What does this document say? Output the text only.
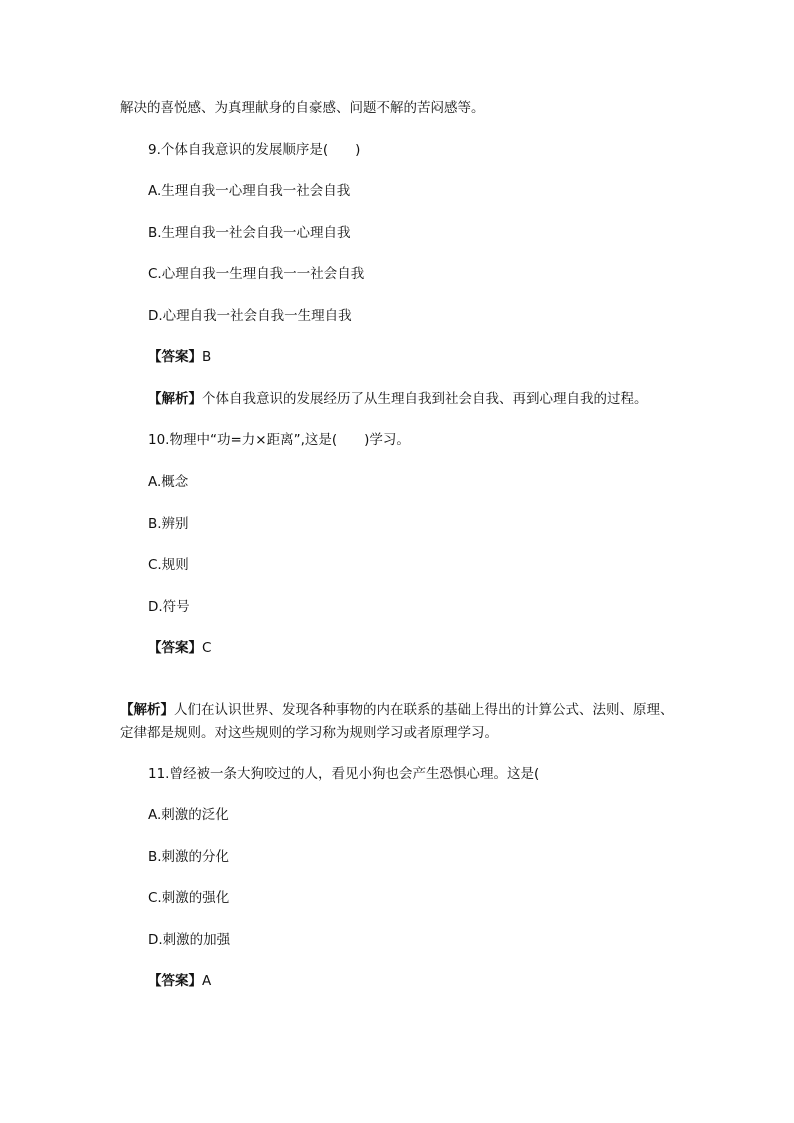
解决的喜悦感、为真理献身的自豪感、问题不解的苦闷感等。
9.个体自我意识的发展顺序是(　　)
A.生理自我一心理自我一社会自我
B.生理自我一社会自我一心理自我
C.心理自我一生理自我一一社会自我
D.心理自我一社会自我一生理自我
【答案】B
【解析】个体自我意识的发展经历了从生理自我到社会自我、再到心理自我的过程。
10.物理中“功=力×距离”,这是(　　)学习。
A.概念
B.辨别
C.规则
D.符号
【答案】C
【解析】人们在认识世界、发现各种事物的内在联系的基础上得出的计算公式、法则、原理、定律都是规则。对这些规则的学习称为规则学习或者原理学习。
11.曾经被一条大狗咬过的人，看见小狗也会产生恐惧心理。这是(
A.刺激的泛化
B.刺激的分化
C.刺激的强化
D.刺激的加强
【答案】A
